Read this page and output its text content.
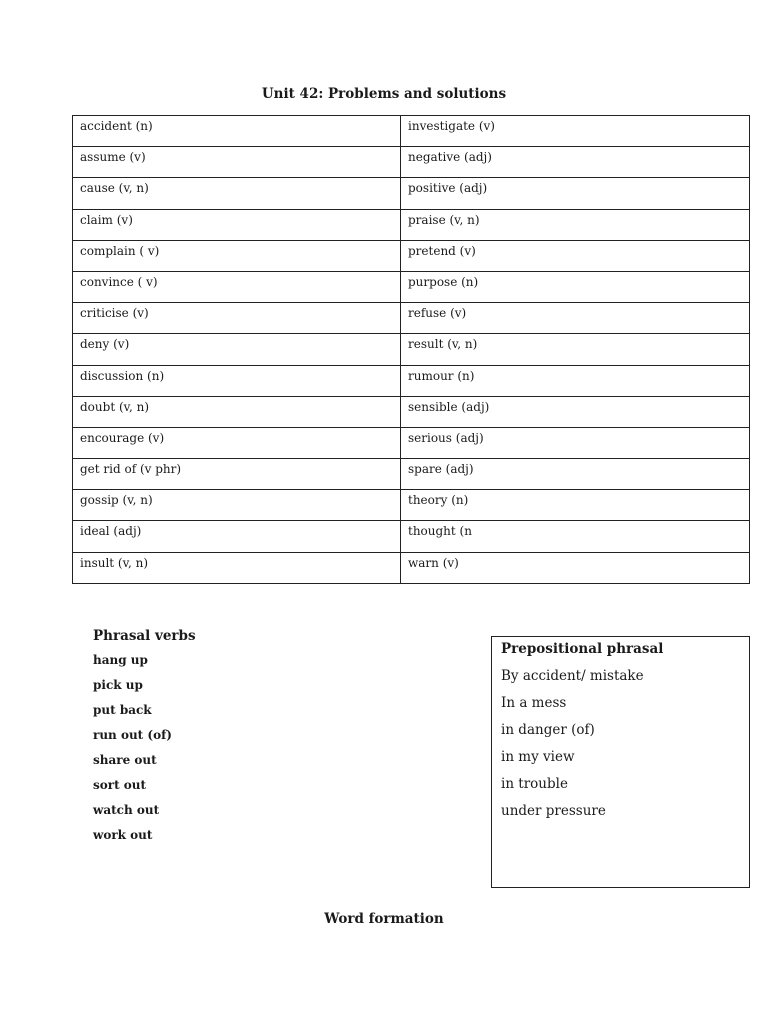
Unit 42: Problems and solutions
accident (n)	investigate (v)
assume (v)	negative (adj)
cause (v, n)	positive (adj)
claim (v)	praise (v, n)
complain ( v)	pretend (v)
convince ( v)	purpose (n)
criticise (v)	refuse (v)
deny (v)	result (v, n)
discussion (n)	rumour (n)
doubt (v, n)	sensible (adj)
encourage (v)	serious (adj)
get rid of (v phr)	spare (adj)
gossip (v, n)	theory (n)
ideal (adj)	thought (n
insult (v, n)	warn (v)
Phrasal verbs
hang up
pick up
put back
run out (of)
share out
sort out
watch out
work out
Prepositional phrasal
By accident/ mistake
In a mess
in danger (of)
in my view
in trouble
under pressure
Word formation
